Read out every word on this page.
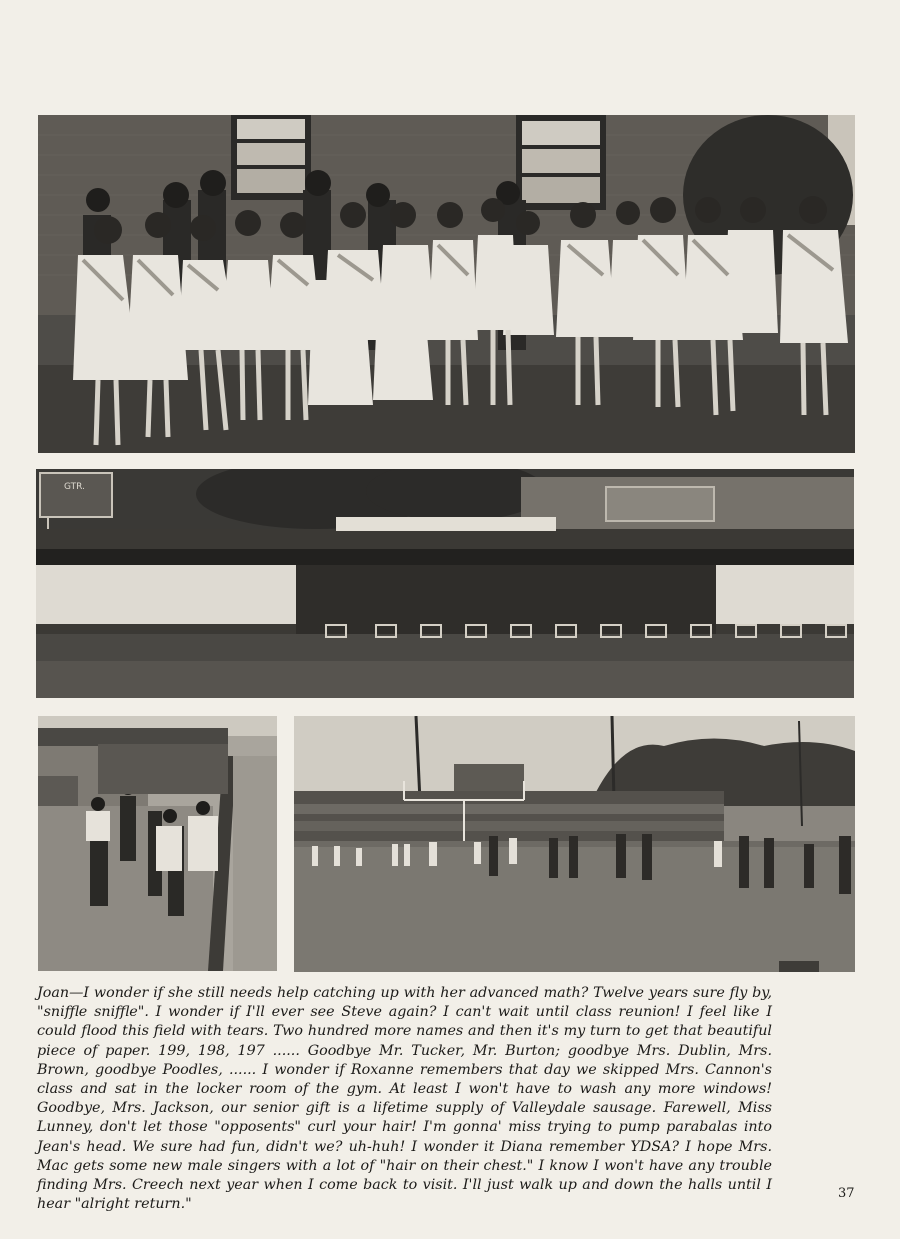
GTR.

Joan—I wonder if she still needs help catching up with her advanced math? Twelve years sure fly by, "sniffle sniffle". I wonder if I'll ever see Steve again? I can't wait until class reunion! I feel like I could flood this field with tears. Two hundred more names and then it's my turn to get that beautiful piece of paper. 199, 198, 197 ...... Goodbye Mr. Tucker, Mr. Burton; goodbye Mrs. Dublin, Mrs. Brown, goodbye Poodles, ...... I wonder if Roxanne remembers that day we skipped Mrs. Cannon's class and sat in the locker room of the gym. At least I won't have to wash any more windows! Goodbye, Mrs. Jackson, our senior gift is a lifetime supply of Valleydale sausage. Farewell, Miss Lunney, don't let those "opposents" curl your hair! I'm gonna' miss trying to pump parabalas into Jean's head. We sure had fun, didn't we? uh-huh! I wonder it Diana remember YDSA? I hope Mrs. Mac gets some new male singers with a lot of "hair on their chest." I know I won't have any trouble finding Mrs. Creech next year when I come back to visit. I'll just walk up and down the halls until I hear "alright return."

37
